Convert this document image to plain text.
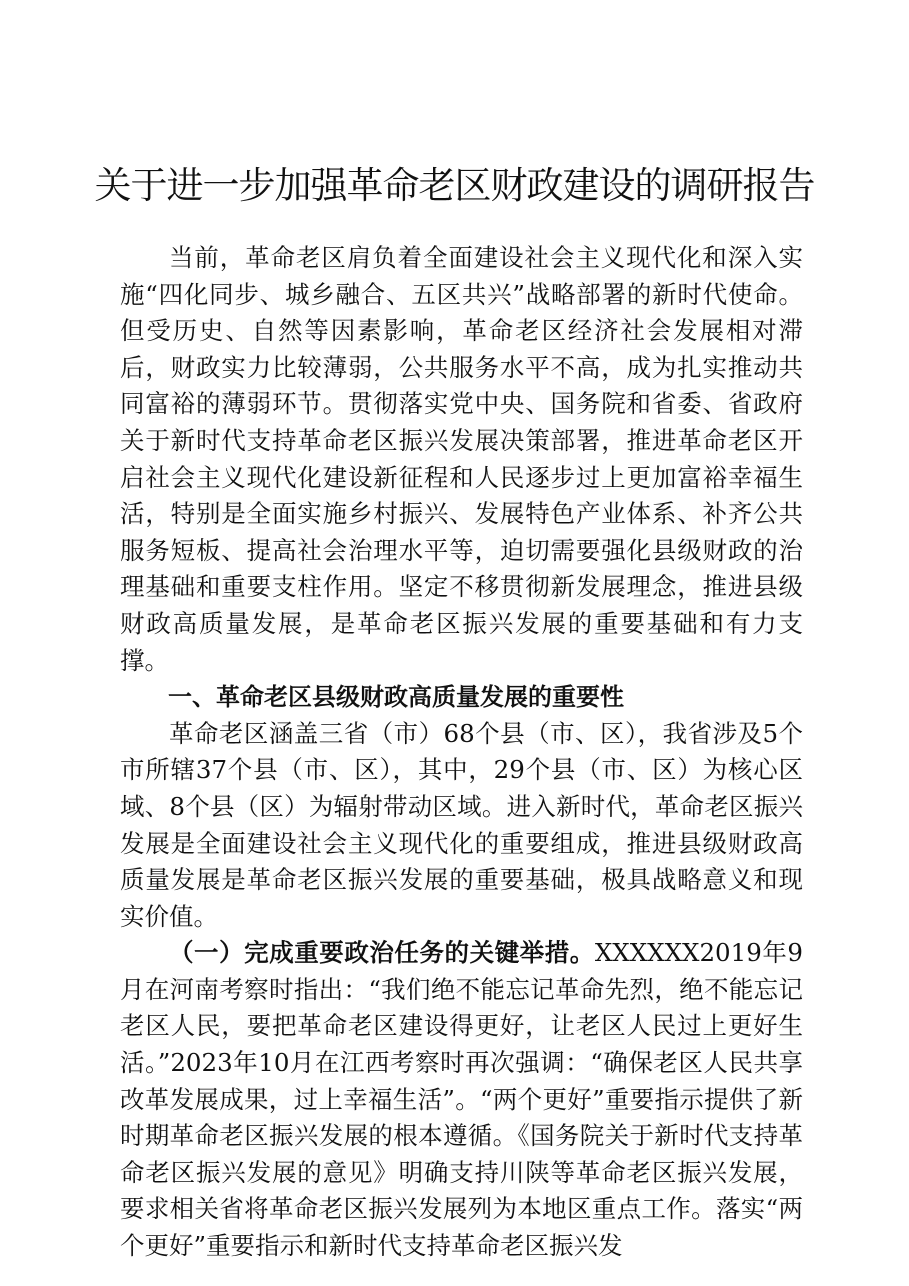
关于进一步加强革命老区财政建设的调研报告

当前，革命老区肩负着全面建设社会主义现代化和深入实施“四化同步、城乡融合、五区共兴”战略部署的新时代使命。但受历史、自然等因素影响，革命老区经济社会发展相对滞后，财政实力比较薄弱，公共服务水平不高，成为扎实推动共同富裕的薄弱环节。贯彻落实党中央、国务院和省委、省政府关于新时代支持革命老区振兴发展决策部署，推进革命老区开启社会主义现代化建设新征程和人民逐步过上更加富裕幸福生活，特别是全面实施乡村振兴、发展特色产业体系、补齐公共服务短板、提高社会治理水平等，迫切需要强化县级财政的治理基础和重要支柱作用。坚定不移贯彻新发展理念，推进县级财政高质量发展，是革命老区振兴发展的重要基础和有力支撑。

一、革命老区县级财政高质量发展的重要性

革命老区涵盖三省（市）68个县（市、区），我省涉及5个市所辖37个县（市、区），其中，29个县（市、区）为核心区域、8个县（区）为辐射带动区域。进入新时代，革命老区振兴发展是全面建设社会主义现代化的重要组成，推进县级财政高质量发展是革命老区振兴发展的重要基础，极具战略意义和现实价值。

（一）完成重要政治任务的关键举措。XXXXXX2019年9月在河南考察时指出：“我们绝不能忘记革命先烈，绝不能忘记老区人民，要把革命老区建设得更好，让老区人民过上更好生活。”2023年10月在江西考察时再次强调：“确保老区人民共享改革发展成果，过上幸福生活”。“两个更好”重要指示提供了新时期革命老区振兴发展的根本遵循。《国务院关于新时代支持革命老区振兴发展的意见》明确支持川陕等革命老区振兴发展，要求相关省将革命老区振兴发展列为本地区重点工作。落实“两个更好”重要指示和新时代支持革命老区振兴发
